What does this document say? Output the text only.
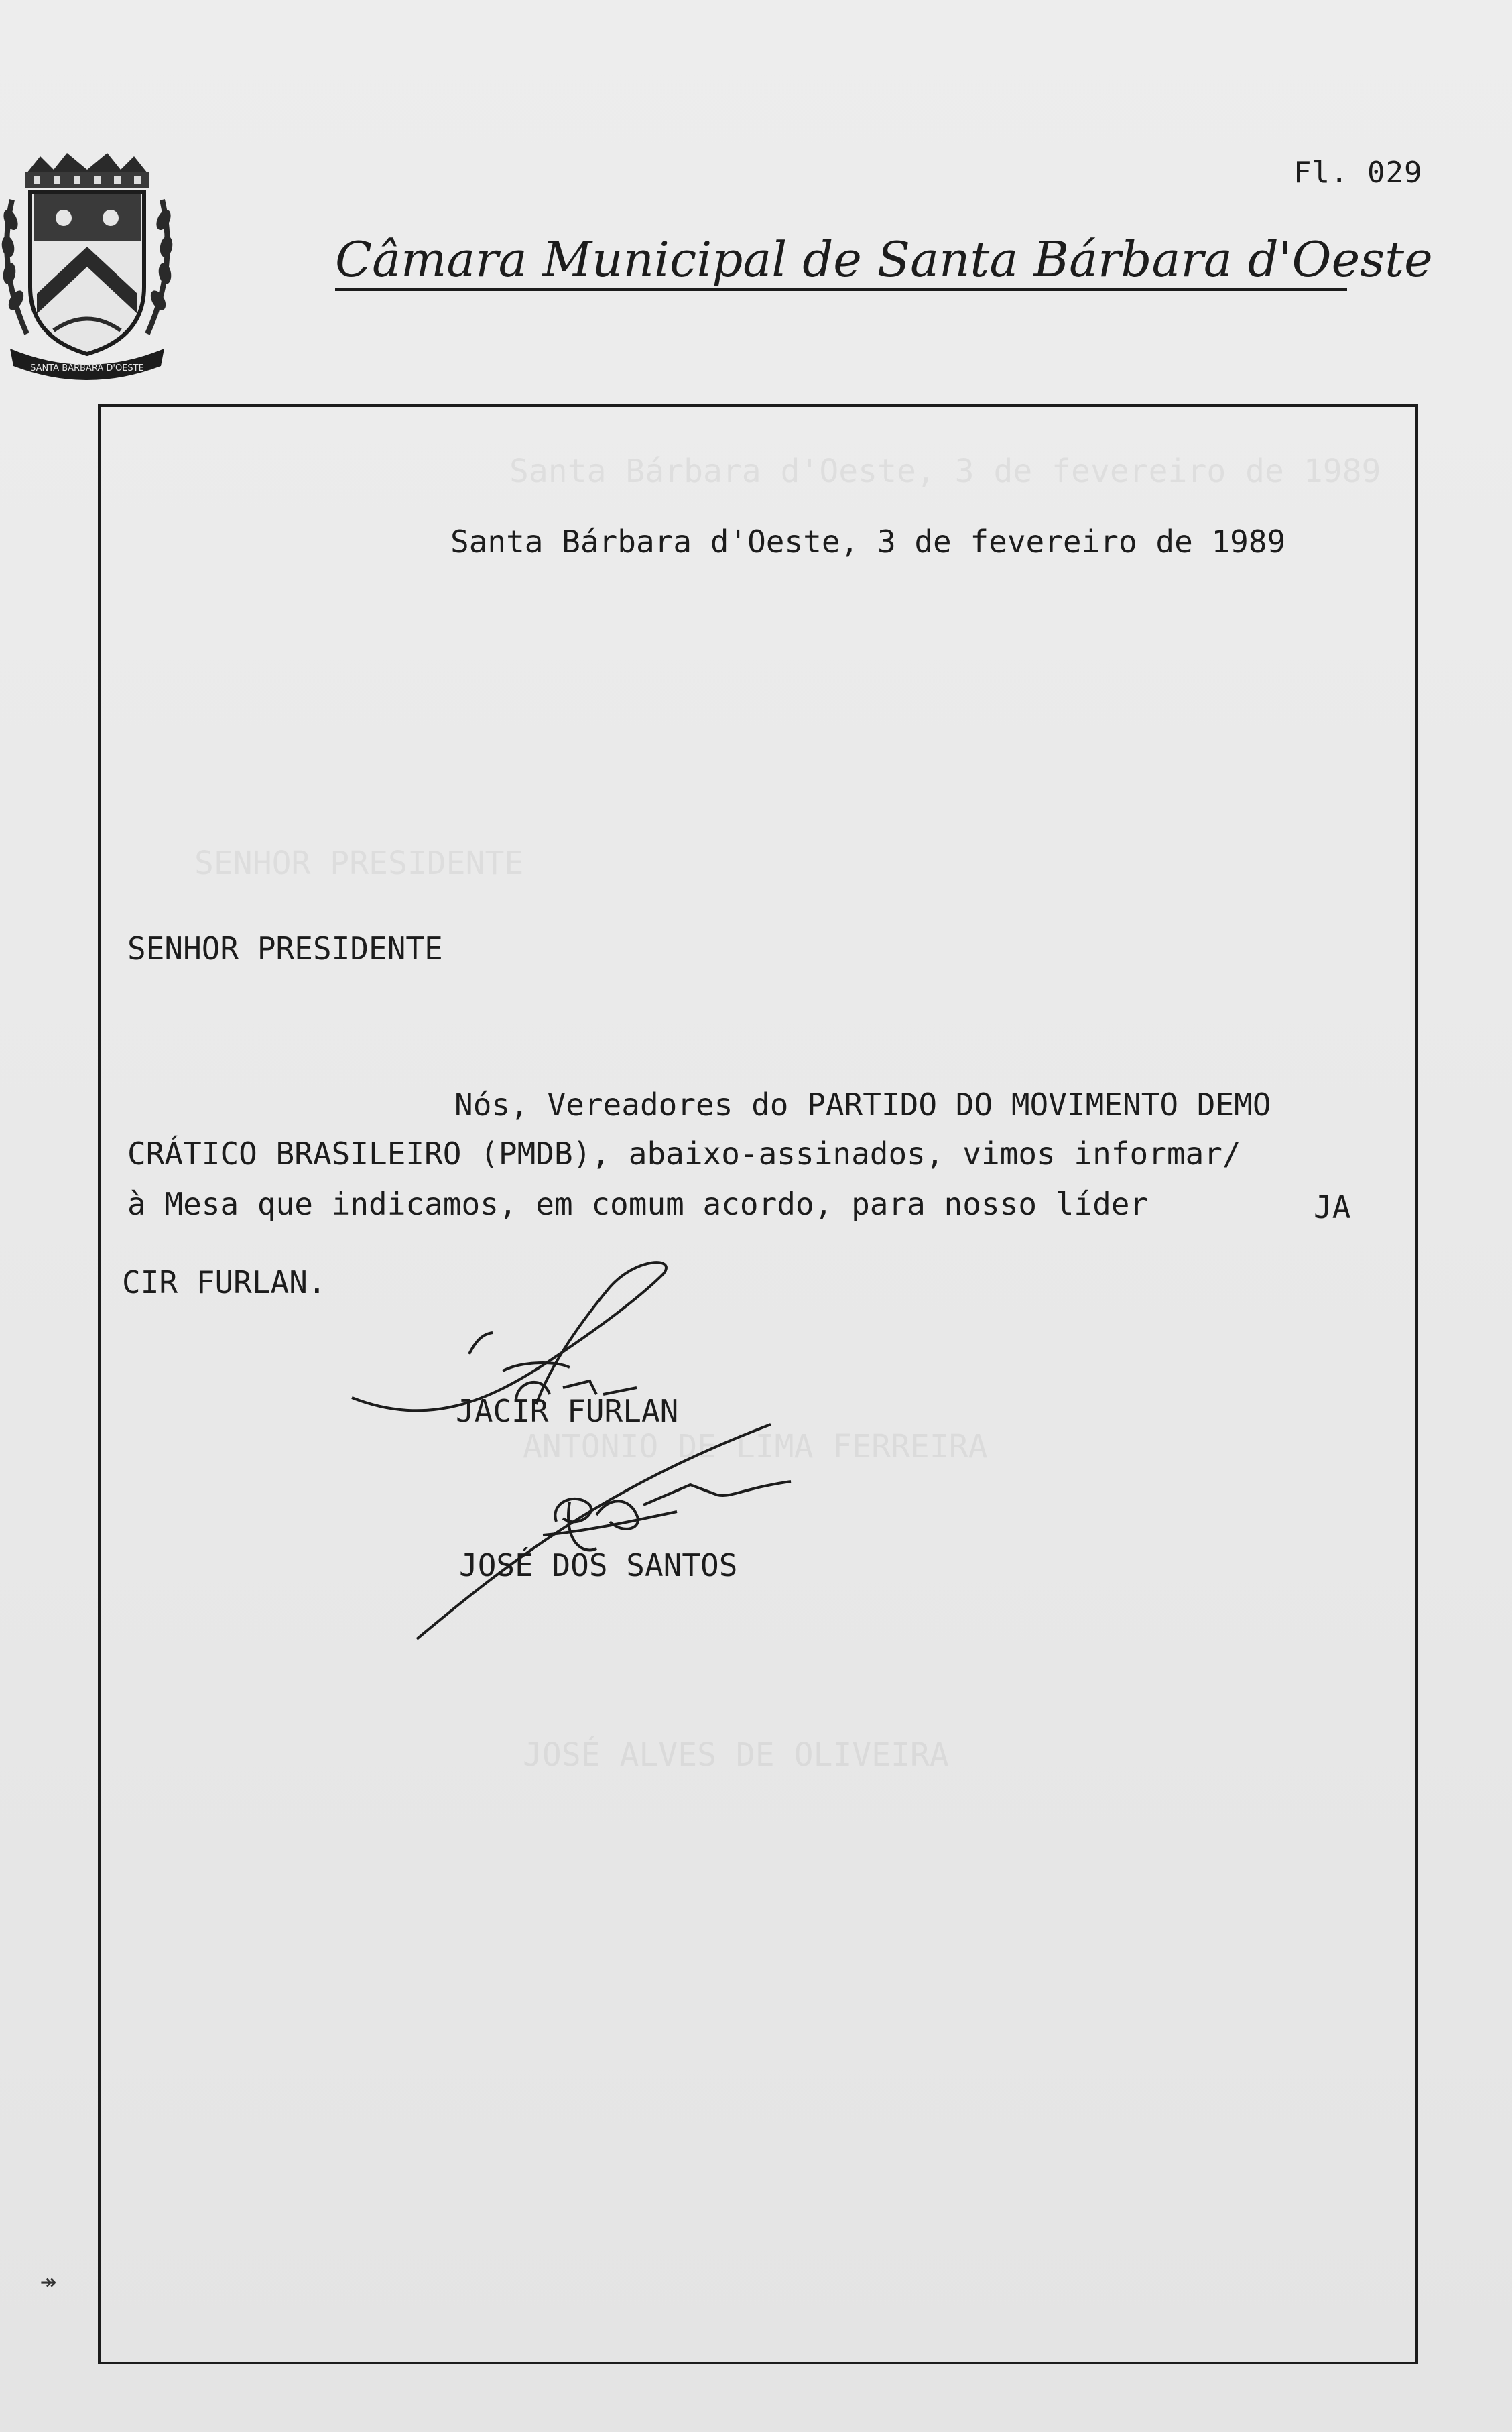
Santa Bárbara d'Oeste, 3 de fevereiro de 1989
SENHOR PRESIDENTE
ANTONIO DE LIMA FERREIRA
JOSÉ ALVES DE OLIVEIRA
Fl. 029
SANTA BARBARA D'OESTE
Câmara Municipal de Santa Bárbara d'Oeste
Santa Bárbara d'Oeste, 3 de fevereiro de 1989
SENHOR PRESIDENTE
Nós, Vereadores do PARTIDO DO MOVIMENTO DEMO
CRÁTICO BRASILEIRO (PMDB), abaixo-assinados, vimos informar/
à Mesa que indicamos, em comum acordo, para nosso líder	JA
CIR FURLAN.
JACIR FURLAN
JOSÉ DOS SANTOS
↠
